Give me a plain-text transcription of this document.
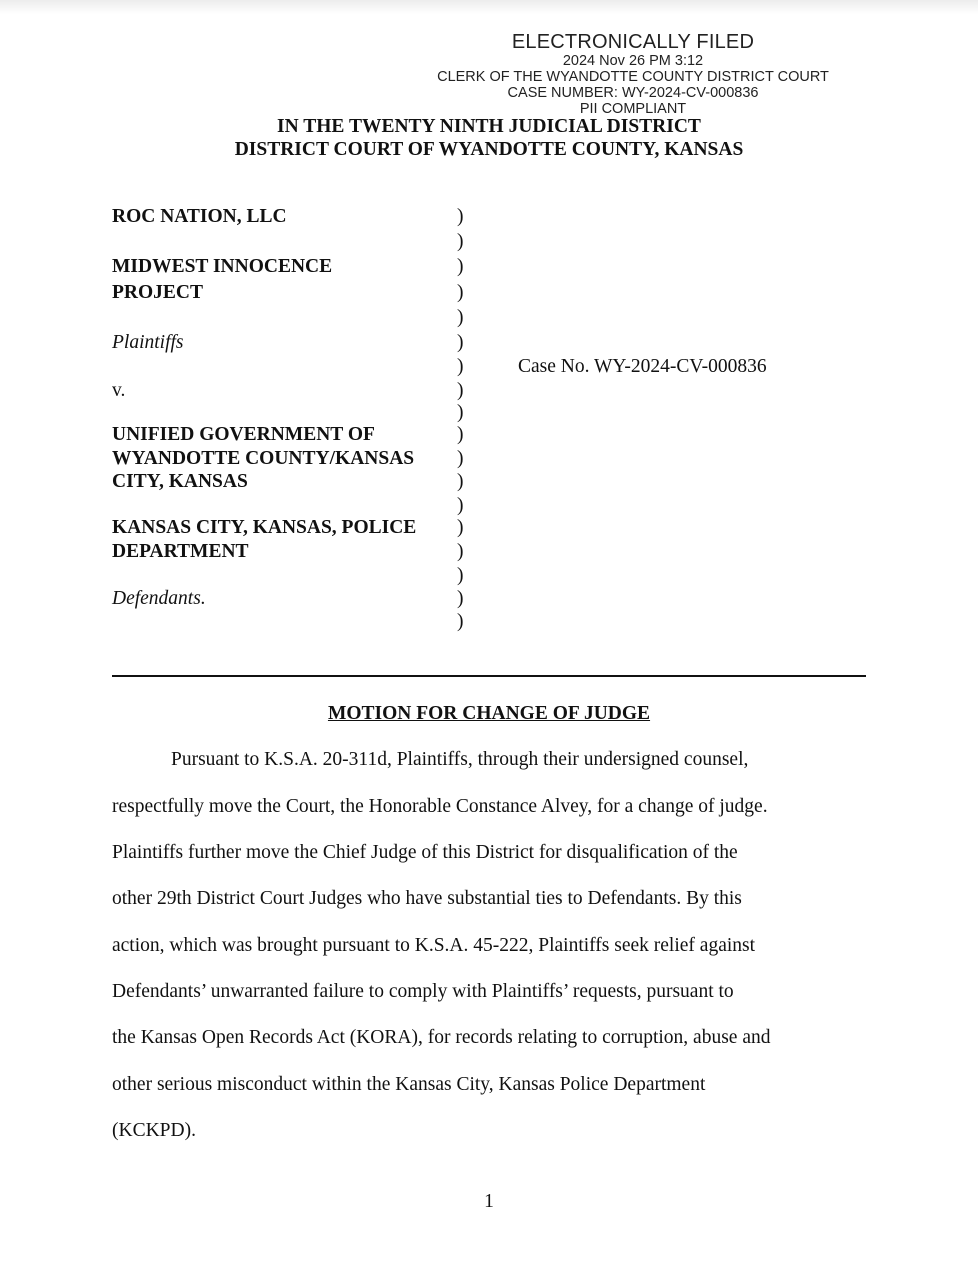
ELECTRONICALLY FILED
2024 Nov 26 PM 3:12
CLERK OF THE WYANDOTTE COUNTY DISTRICT COURT
CASE NUMBER: WY-2024-CV-000836
PII COMPLIANT
IN THE TWENTY NINTH JUDICIAL DISTRICT
DISTRICT COURT OF WYANDOTTE COUNTY, KANSAS
ROC NATION, LLC
MIDWEST INNOCENCE
PROJECT
Plaintiffs
v.
UNIFIED GOVERNMENT OF
WYANDOTTE COUNTY/KANSAS
CITY, KANSAS
KANSAS CITY, KANSAS, POLICE
DEPARTMENT
Defendants.
)
)
)
)
)
)
)
)
)
)
)
)
)
)
)
)
)
)
Case No. WY-2024-CV-000836
MOTION FOR CHANGE OF JUDGE
Pursuant to K.S.A. 20-311d, Plaintiffs, through their undersigned counsel,
respectfully move the Court, the Honorable Constance Alvey, for a change of judge.
Plaintiffs further move the Chief Judge of this District for disqualification of the
other 29th District Court Judges who have substantial ties to Defendants. By this
action, which was brought pursuant to K.S.A. 45-222, Plaintiffs seek relief against
Defendants’ unwarranted failure to comply with Plaintiffs’ requests, pursuant to
the Kansas Open Records Act (KORA), for records relating to corruption, abuse and
other serious misconduct within the Kansas City, Kansas Police Department
(KCKPD).
1
